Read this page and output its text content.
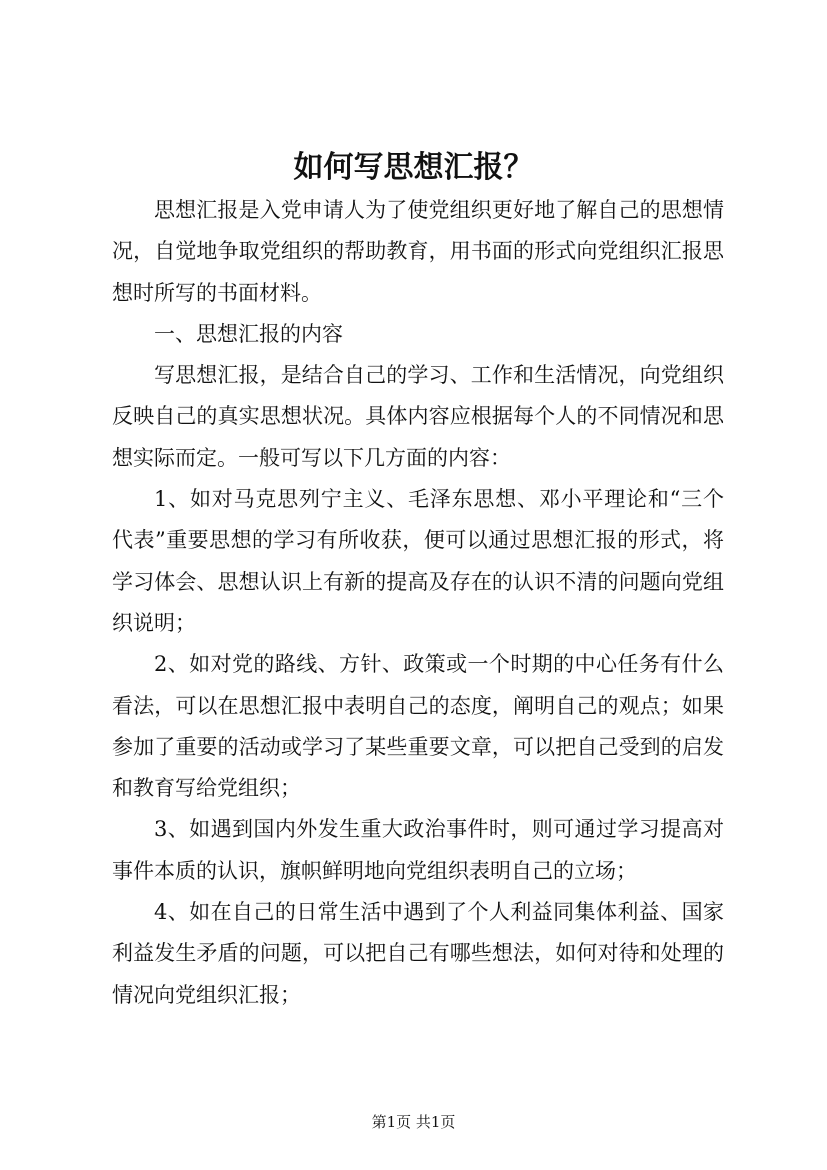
如何写思想汇报？

思想汇报是入党申请人为了使党组织更好地了解自己的思想情况，自觉地争取党组织的帮助教育，用书面的形式向党组织汇报思想时所写的书面材料。

一、思想汇报的内容

写思想汇报，是结合自己的学习、工作和生活情况，向党组织反映自己的真实思想状况。具体内容应根据每个人的不同情况和思想实际而定。一般可写以下几方面的内容：

1、如对马克思列宁主义、毛泽东思想、邓小平理论和“三个代表”重要思想的学习有所收获，便可以通过思想汇报的形式，将学习体会、思想认识上有新的提高及存在的认识不清的问题向党组织说明；

2、如对党的路线、方针、政策或一个时期的中心任务有什么看法，可以在思想汇报中表明自己的态度，阐明自己的观点；如果参加了重要的活动或学习了某些重要文章，可以把自己受到的启发和教育写给党组织；

3、如遇到国内外发生重大政治事件时，则可通过学习提高对事件本质的认识，旗帜鲜明地向党组织表明自己的立场；

4、如在自己的日常生活中遇到了个人利益同集体利益、国家利益发生矛盾的问题，可以把自己有哪些想法，如何对待和处理的情况向党组织汇报；

第1页 共1页
